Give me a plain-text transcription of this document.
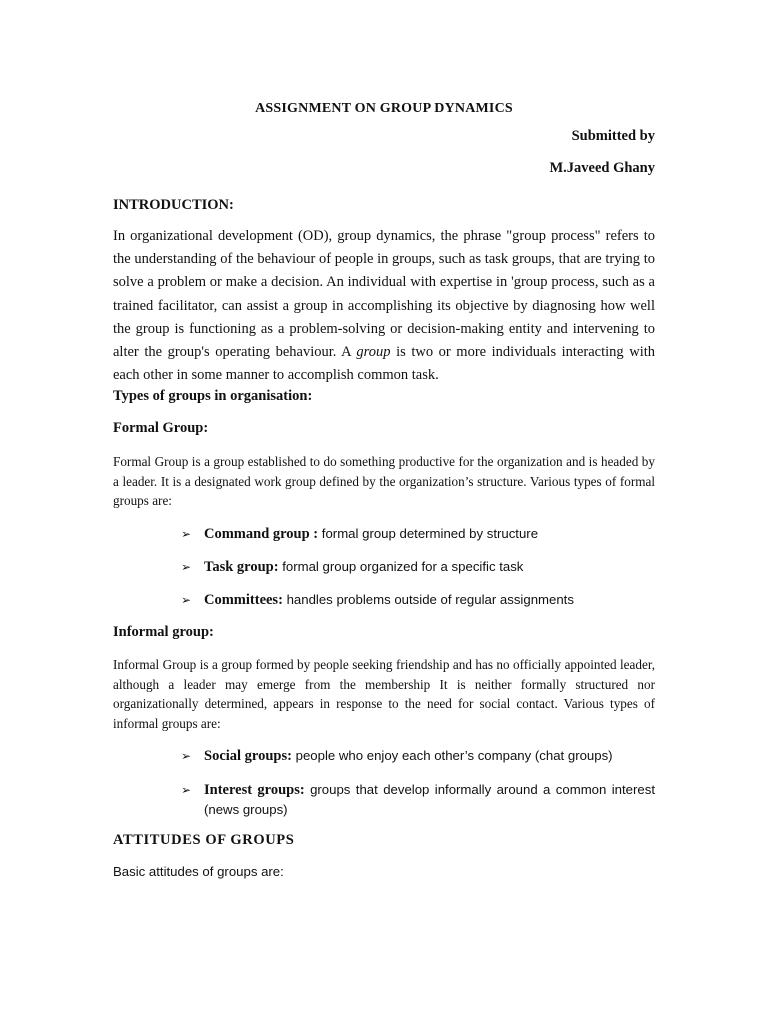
ASSIGNMENT ON GROUP DYNAMICS
Submitted by
M.Javeed Ghany
INTRODUCTION:
In organizational development (OD), group dynamics, the phrase "group process" refers to the understanding of the behaviour of people in groups, such as task groups, that are trying to solve a problem or make a decision. An individual with expertise in 'group process, such as a trained facilitator, can assist a group in accomplishing its objective by diagnosing how well the group is functioning as a problem-solving or decision-making entity and intervening to alter the group's operating behaviour. A group is two or more individuals interacting with each other in some manner to accomplish common task.
Types of groups in organisation:
Formal Group:
Formal Group is a group established to do something productive for the organization and is headed by a leader. It is a designated work group defined by the organization’s structure. Various types of formal groups are:
➢ Command group : formal group determined by structure
➢ Task group: formal group organized for a specific task
➢ Committees: handles problems outside of regular assignments
Informal group:
Informal Group is a group formed by people seeking friendship and has no officially appointed leader, although a leader may emerge from the membership It is neither formally structured nor organizationally determined, appears in response to the need for social contact. Various types of informal groups are:
➢ Social groups: people who enjoy each other’s company (chat groups)
➢ Interest groups: groups that develop informally around a common interest (news groups)
ATTITUDES OF GROUPS
Basic attitudes of groups are:
